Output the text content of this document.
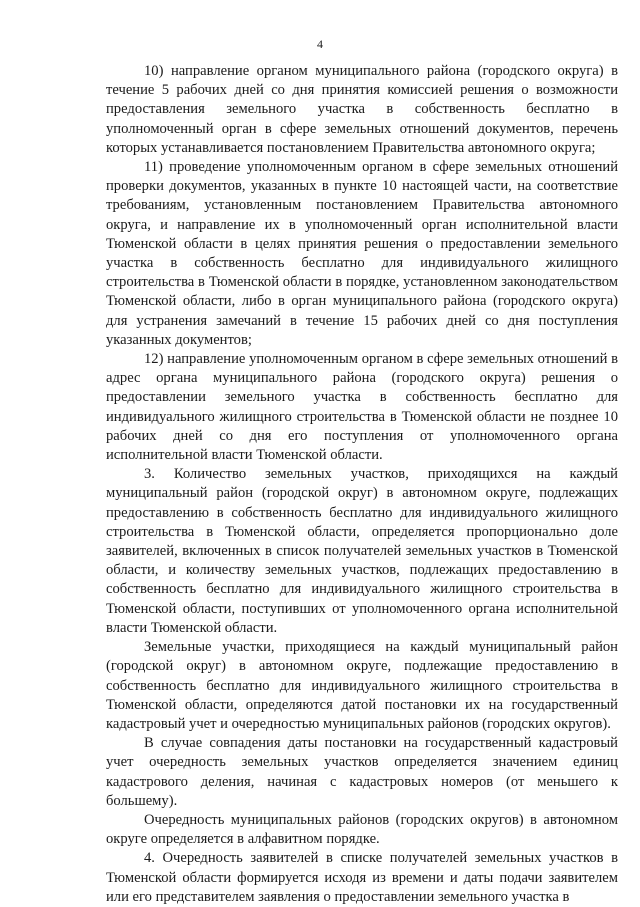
4

10) направление органом муниципального района (городского округа) в течение 5 рабочих дней со дня принятия комиссией решения о возможности предоставления земельного участка в собственность бесплатно в уполномоченный орган в сфере земельных отношений документов, перечень которых устанавливается постановлением Правительства автономного округа;

11) проведение уполномоченным органом в сфере земельных отношений проверки документов, указанных в пункте 10 настоящей части, на соответствие требованиям, установленным постановлением Правительства автономного округа, и направление их в уполномоченный орган исполнительной власти Тюменской области в целях принятия решения о предоставлении земельного участка в собственность бесплатно для индивидуального жилищного строительства в Тюменской области в порядке, установленном законодательством Тюменской области, либо в орган муниципального района (городского округа) для устранения замечаний в течение 15 рабочих дней со дня поступления указанных документов;

12) направление уполномоченным органом в сфере земельных отношений в адрес органа муниципального района (городского округа) решения о предоставлении земельного участка в собственность бесплатно для индивидуального жилищного строительства в Тюменской области не позднее 10 рабочих дней со дня его поступления от уполномоченного органа исполнительной власти Тюменской области.

3. Количество земельных участков, приходящихся на каждый муниципальный район (городской округ) в автономном округе, подлежащих предоставлению в собственность бесплатно для индивидуального жилищного строительства в Тюменской области, определяется пропорционально доле заявителей, включенных в список получателей земельных участков в Тюменской области, и количеству земельных участков, подлежащих предоставлению в собственность бесплатно для индивидуального жилищного строительства в Тюменской области, поступивших от уполномоченного органа исполнительной власти Тюменской области.

Земельные участки, приходящиеся на каждый муниципальный район (городской округ) в автономном округе, подлежащие предоставлению в собственность бесплатно для индивидуального жилищного строительства в Тюменской области, определяются датой постановки их на государственный кадастровый учет и очередностью муниципальных районов (городских округов).

В случае совпадения даты постановки на государственный кадастровый учет очередность земельных участков определяется значением единиц кадастрового деления, начиная с кадастровых номеров (от меньшего к большему).

Очередность муниципальных районов (городских округов) в автономном округе определяется в алфавитном порядке.

4. Очередность заявителей в списке получателей земельных участков в Тюменской области формируется исходя из времени и даты подачи заявителем или его представителем заявления о предоставлении земельного участка в
